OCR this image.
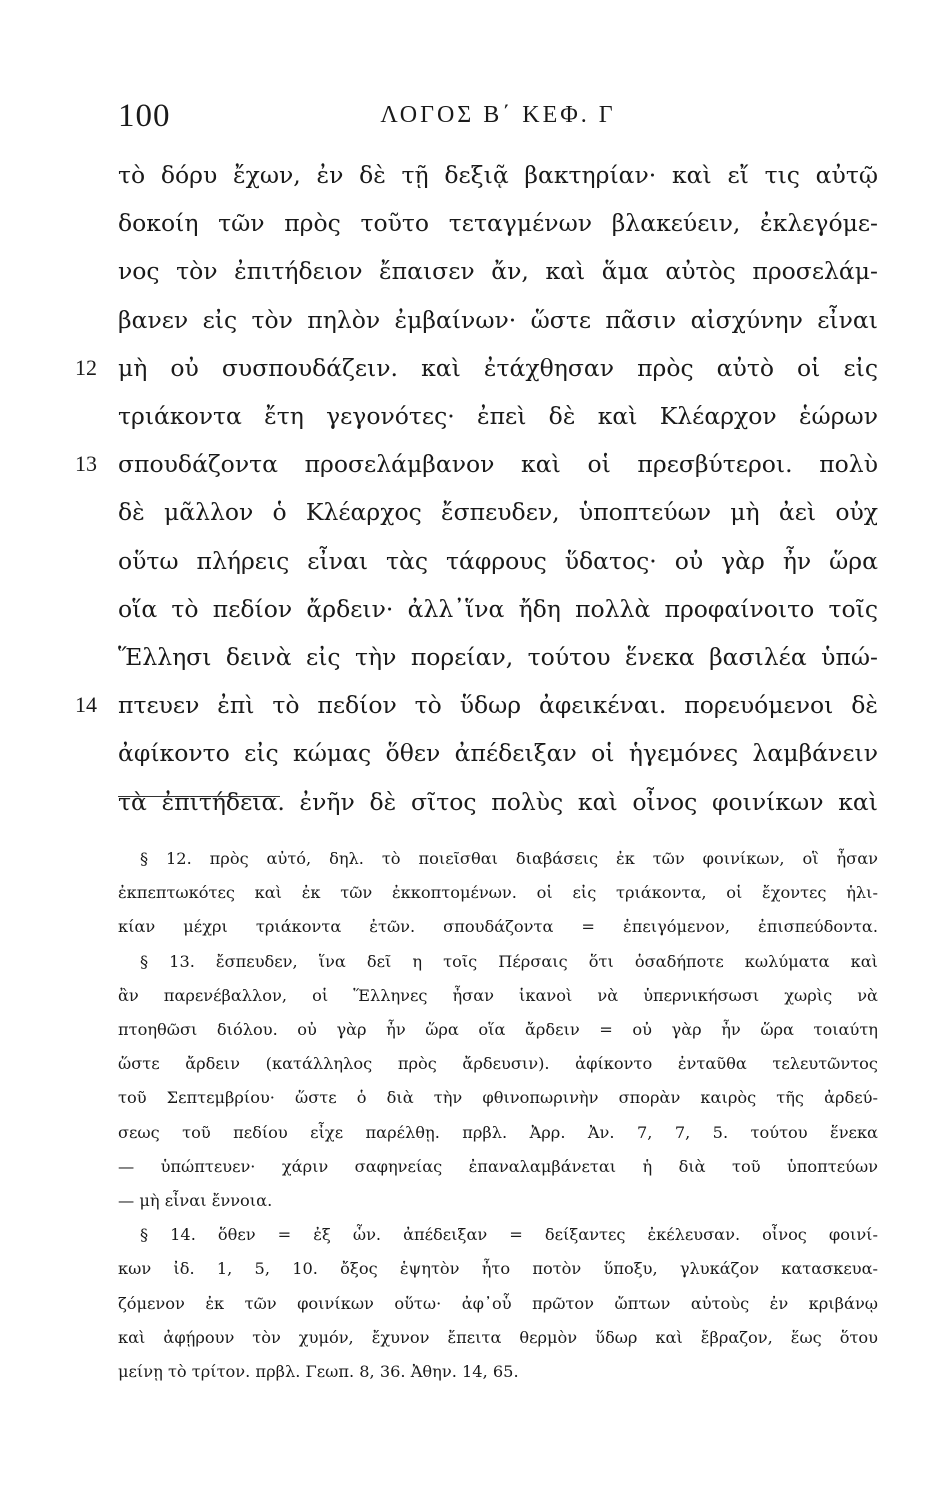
100	ΛΟΓΟΣ Β΄ ΚΕΦ. Γ
τὸ δόρυ ἔχων, ἐν δὲ τῇ δεξιᾷ βακτηρίαν· καὶ εἴ τις αὐτῷ
δοκοίη τῶν πρὸς τοῦτο τεταγμένων βλακεύειν, ἐκλεγόμε-
νος τὸν ἐπιτήδειον ἔπαισεν ἄν, καὶ ἅμα αὐτὸς προσελάμ-
βανεν εἰς τὸν πηλὸν ἐμβαίνων· ὥστε πᾶσιν αἰσχύνην εἶναι
μὴ οὐ συσπουδάζειν. καὶ ἐτάχθησαν πρὸς αὐτὸ οἱ εἰς
12
τριάκοντα ἔτη γεγονότες· ἐπεὶ δὲ καὶ Κλέαρχον ἑώρων
σπουδάζοντα προσελάμβανον καὶ οἱ πρεσβύτεροι. πολὺ
13
δὲ μᾶλλον ὁ Κλέαρχος ἔσπευδεν, ὑποπτεύων μὴ ἀεὶ οὐχ
οὕτω πλήρεις εἶναι τὰς τάφρους ὕδατος· οὐ γὰρ ἦν ὥρα
οἵα τὸ πεδίον ἄρδειν· ἀλλ᾽ἵνα ἤδη πολλὰ προφαίνοιτο τοῖς
Ἕλλησι δεινὰ εἰς τὴν πορείαν, τούτου ἕνεκα βασιλέα ὑπώ-
πτευεν ἐπὶ τὸ πεδίον τὸ ὕδωρ ἀφεικέναι. πορευόμενοι δὲ
14
ἀφίκοντο εἰς κώμας ὅθεν ἀπέδειξαν οἱ ἡγεμόνες λαμβάνειν
τὰ ἐπιτήδεια. ἐνῆν δὲ σῖτος πολὺς καὶ οἶνος φοινίκων καὶ
§ 12. πρὸς αὐτό, δηλ. τὸ ποιεῖσθαι διαβάσεις ἐκ τῶν φοινίκων, οἳ ἦσαν
ἐκπεπτωκότες καὶ ἐκ τῶν ἐκκοπτομένων. οἱ εἰς τριάκοντα, οἱ ἔχοντες ἡλι-
κίαν μέχρι τριάκοντα ἐτῶν. σπουδάζοντα = ἐπειγόμενον, ἐπισπεύδοντα.
§ 13. ἔσπευδεν, ἵνα δεῖ η τοῖς Πέρσαις ὅτι ὁσαδήποτε κωλύματα καὶ
ἂν παρενέβαλλον, οἱ Ἕλληνες ἦσαν ἱκανοὶ νὰ ὑπερνικήσωσι χωρὶς νὰ
πτοηθῶσι διόλου. οὐ γὰρ ἦν ὥρα οἵα ἄρδειν = οὐ γὰρ ἦν ὥρα τοιαύτη
ὥστε ἄρδειν (κατάλληλος πρὸς ἄρδευσιν). ἀφίκοντο ἐνταῦθα τελευτῶντος
τοῦ Σεπτεμβρίου· ὥστε ὁ διὰ τὴν φθινοπωρινὴν σπορὰν καιρὸς τῆς ἀρδεύ-
σεως τοῦ πεδίου εἶχε παρέλθῃ. πρβλ. Ἀρρ. Ἀν. 7, 7, 5. τούτου ἕνεκα
— ὑπώπτευεν· χάριν σαφηνείας ἐπαναλαμβάνεται ἡ διὰ τοῦ ὑποπτεύων
— μὴ εἶναι ἔννοια.
§ 14. ὅθεν = ἐξ ὧν. ἀπέδειξαν = δείξαντες ἐκέλευσαν. οἶνος φοινί-
κων ἰδ. 1, 5, 10. ὄξος ἑψητὸν ἦτο ποτὸν ὕποξυ, γλυκάζον κατασκευα-
ζόμενον ἐκ τῶν φοινίκων οὕτω· ἀφ᾽οὗ πρῶτον ὤπτων αὐτοὺς ἐν κριβάνῳ
καὶ ἀφῄρουν τὸν χυμόν, ἔχυνον ἔπειτα θερμὸν ὕδωρ καὶ ἔβραζον, ἕως ὅτου
μείνῃ τὸ τρίτον. πρβλ. Γεωπ. 8, 36. Ἀθην. 14, 65.
